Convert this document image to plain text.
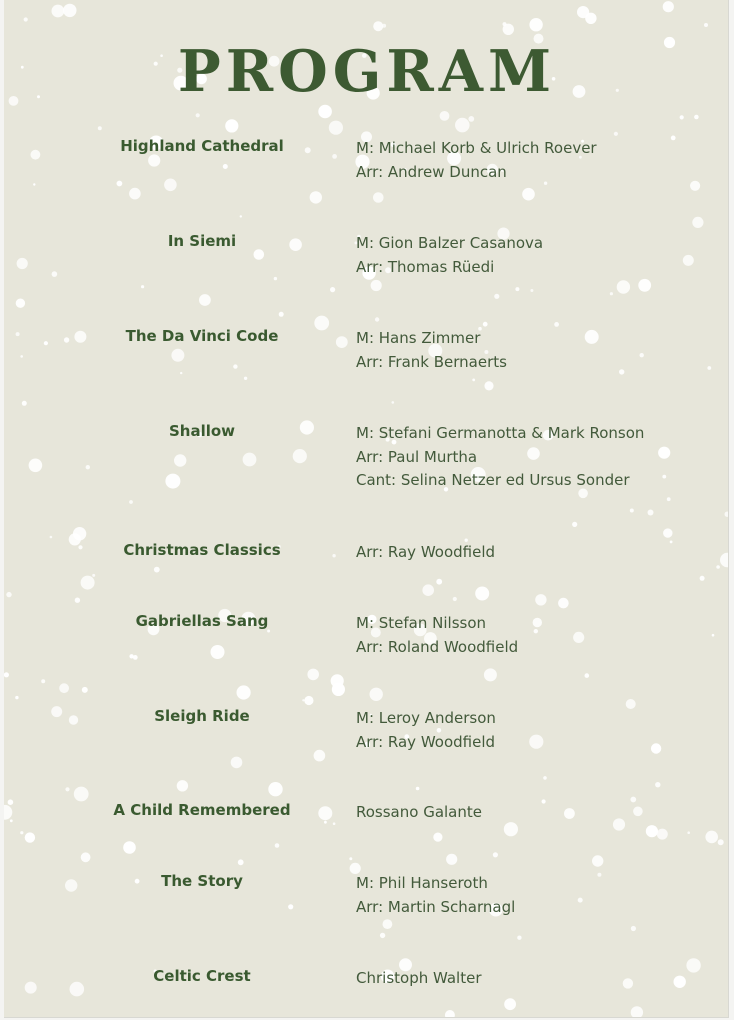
PROGRAM
Highland Cathedral	M: Michael Korb & Ulrich Roever
Arr: Andrew Duncan
In Siemi	M: Gion Balzer Casanova
Arr: Thomas Rüedi
The Da Vinci Code	M: Hans Zimmer
Arr: Frank Bernaerts
Shallow	M: Stefani Germanotta & Mark Ronson
Arr: Paul Murtha
Cant: Selina Netzer ed Ursus Sonder
Christmas Classics	Arr: Ray Woodfield
Gabriellas Sang	M: Stefan Nilsson
Arr: Roland Woodfield
Sleigh Ride	M: Leroy Anderson
Arr: Ray Woodfield
A Child Remembered	Rossano Galante
The Story	M: Phil Hanseroth
Arr: Martin Scharnagl
Celtic Crest	Christoph Walter
